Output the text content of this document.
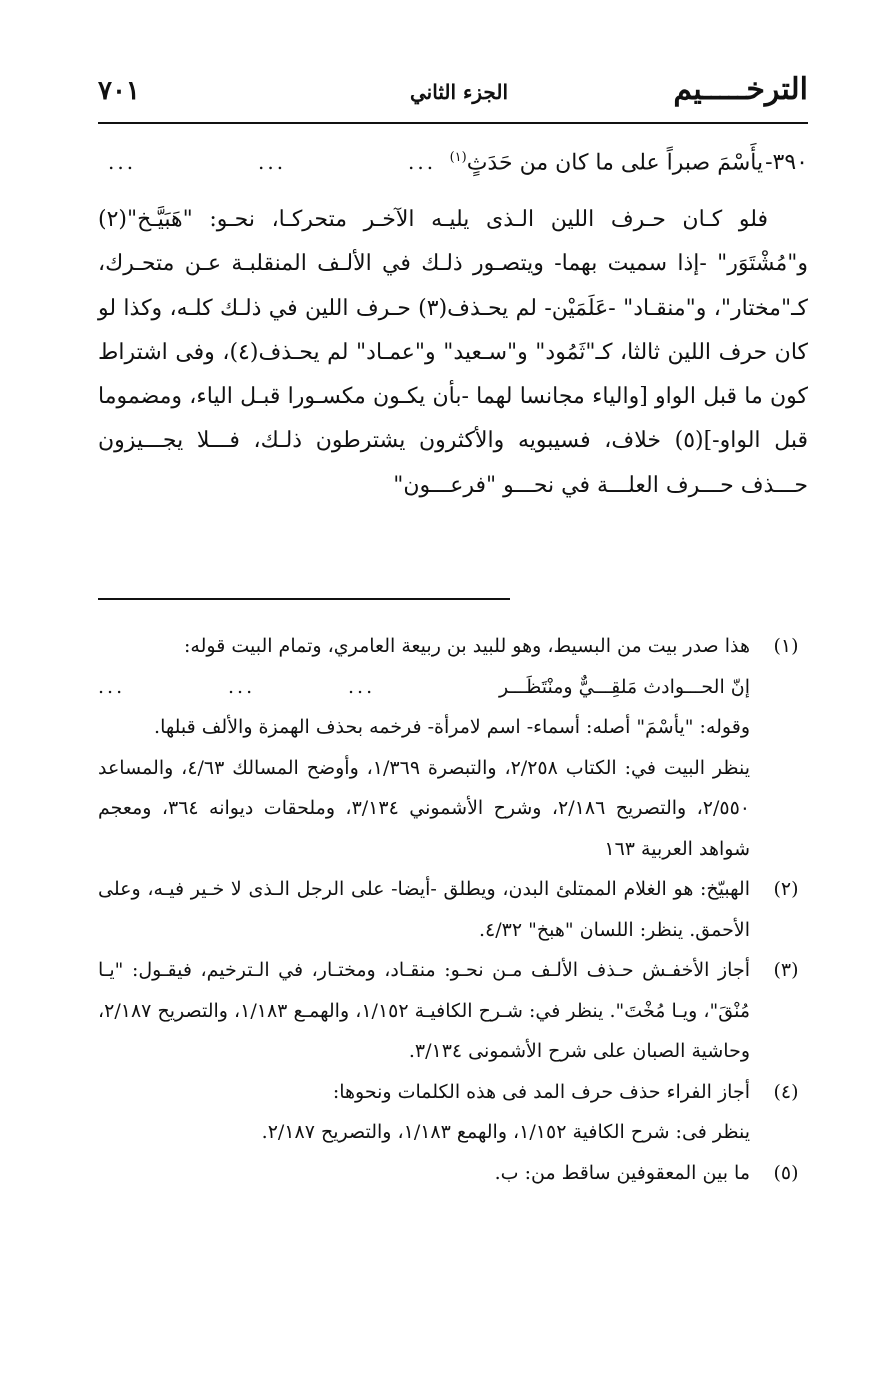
الترخـــــيم
الجزء الثاني
٧٠١
٣٩٠-يأَسْمَ صبراً على ما كان من حَدَثٍ$^{(١)}$
...
...
...

فلو كـان حـرف اللين الـذى يليـه الآخـر متحركـا، نحـو: "هَبَيَّـخ"(٢) و"مُشْتَوَر" -إذا سميت بهما- ويتصـور ذلـك في الألـف المنقلبـة عـن متحـرك، كـ"مختار"، و"منقـاد" -عَلَمَيْن- لم يحـذف(٣) حـرف اللين في ذلـك كلـه، وكذا لو كان حرف اللين ثالثا، كـ"ثَمُود" و"سـعيد" و"عمـاد" لم يحـذف(٤)، وفى اشتراط كون ما قبل الواو [والياء مجانسا لهما -بأن يكـون مكسـورا قبـل الياء، ومضموما قبل الواو-](٥) خلاف، فسيبويه والأكثرون يشترطون ذلـك، فـــلا يجـــيزون حـــذف حـــرف العلـــة في نحـــو "فرعـــون"

(١)
هذا صدر بيت من البسيط، وهو للبيد بن ربيعة العامري، وتمام البيت قوله:
إنّ الحـــوادث مَلقِـــيٌّ ومنْتَظَـــر
...
...
...
وقوله: "يأسْمَ" أصله: أسماء- اسم لامرأة- فرخمه بحذف الهمزة والألف قبلها.
ينظر البيت في: الكتاب ٢/٢٥٨، والتبصرة ١/٣٦٩، وأوضح المسالك ٤/٦٣، والمساعد ٢/٥٥٠، والتصريح ٢/١٨٦، وشرح الأشموني ٣/١٣٤، وملحقات ديوانه ٣٦٤، ومعجم شواهد العربية ١٦٣
(٢)
الهبيّخ: هو الغلام الممتلئ البدن، ويطلق -أيضا- على الرجل الـذى لا خـير فيـه، وعلى الأحمق. ينظر: اللسان "هبخ" ٤/٣٢.
(٣)
أجاز الأخفـش حـذف الألـف مـن نحـو: منقـاد، ومختـار، في الـترخيم، فيقـول: "يـا مُنْقَ"، ويـا مُخْتَ". ينظر في: شـرح الكافيـة ١/١٥٢، والهمـع ١/١٨٣، والتصريح ٢/١٨٧، وحاشية الصبان على شرح الأشمونى ٣/١٣٤.
(٤)
أجاز الفراء حذف حرف المد فى هذه الكلمات ونحوها:
ينظر فى: شرح الكافية ١/١٥٢، والهمع ١/١٨٣، والتصريح ٢/١٨٧.
(٥)
ما بين المعقوفين ساقط من: ب.
